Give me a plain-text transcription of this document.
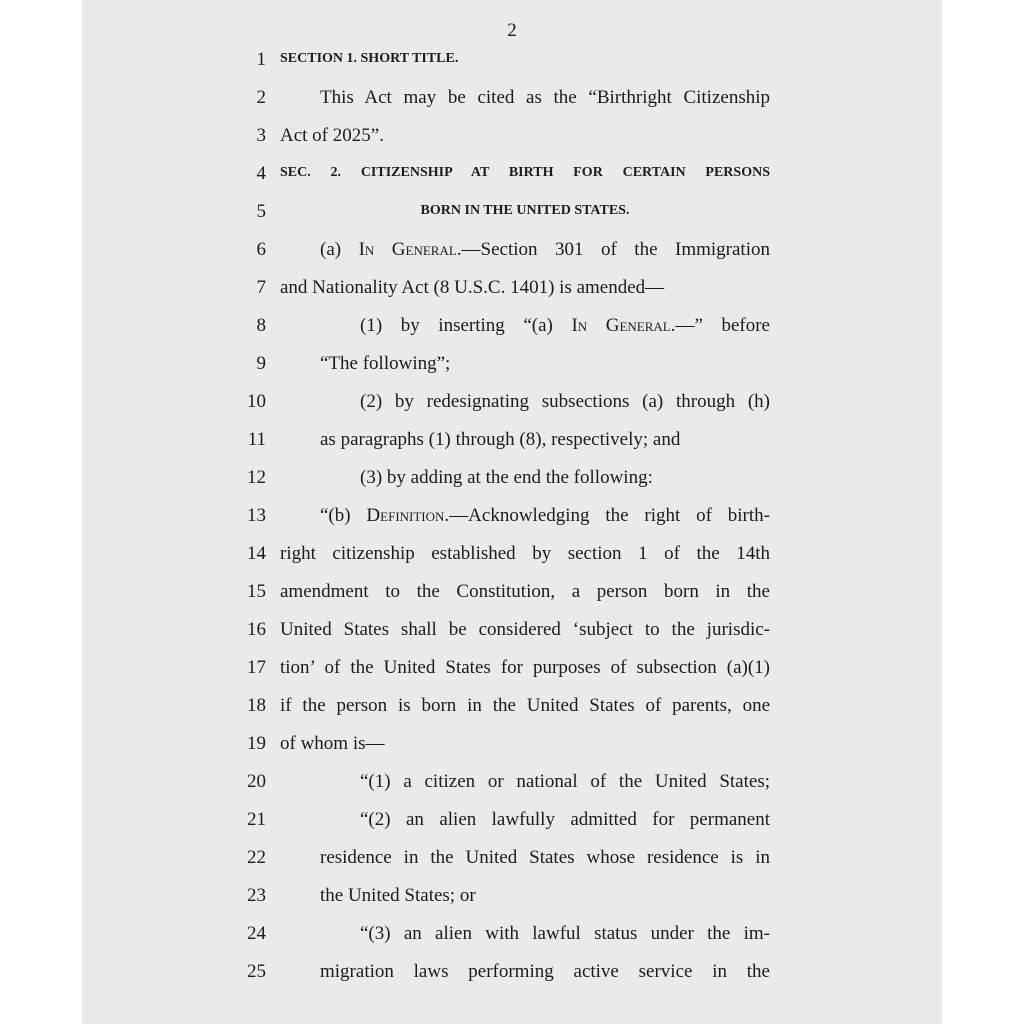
2
1 SECTION 1. SHORT TITLE.
2	This Act may be cited as the “Birthright Citizenship
3 Act of 2025”.
4 SEC. 2. CITIZENSHIP AT BIRTH FOR CERTAIN PERSONS
5	BORN IN THE UNITED STATES.
6	(a) In General.—Section 301 of the Immigration
7 and Nationality Act (8 U.S.C. 1401) is amended—
8	(1) by inserting “(a) In General.—” before
9	“The following”;
10	(2) by redesignating subsections (a) through (h)
11	as paragraphs (1) through (8), respectively; and
12	(3) by adding at the end the following:
13	“(b) Definition.—Acknowledging the right of birth-
14 right citizenship established by section 1 of the 14th
15 amendment to the Constitution, a person born in the
16 United States shall be considered ‘subject to the jurisdic-
17 tion’ of the United States for purposes of subsection (a)(1)
18 if the person is born in the United States of parents, one
19 of whom is—
20	“(1) a citizen or national of the United States;
21	“(2) an alien lawfully admitted for permanent
22	residence in the United States whose residence is in
23	the United States; or
24	“(3) an alien with lawful status under the im-
25	migration laws performing active service in the
